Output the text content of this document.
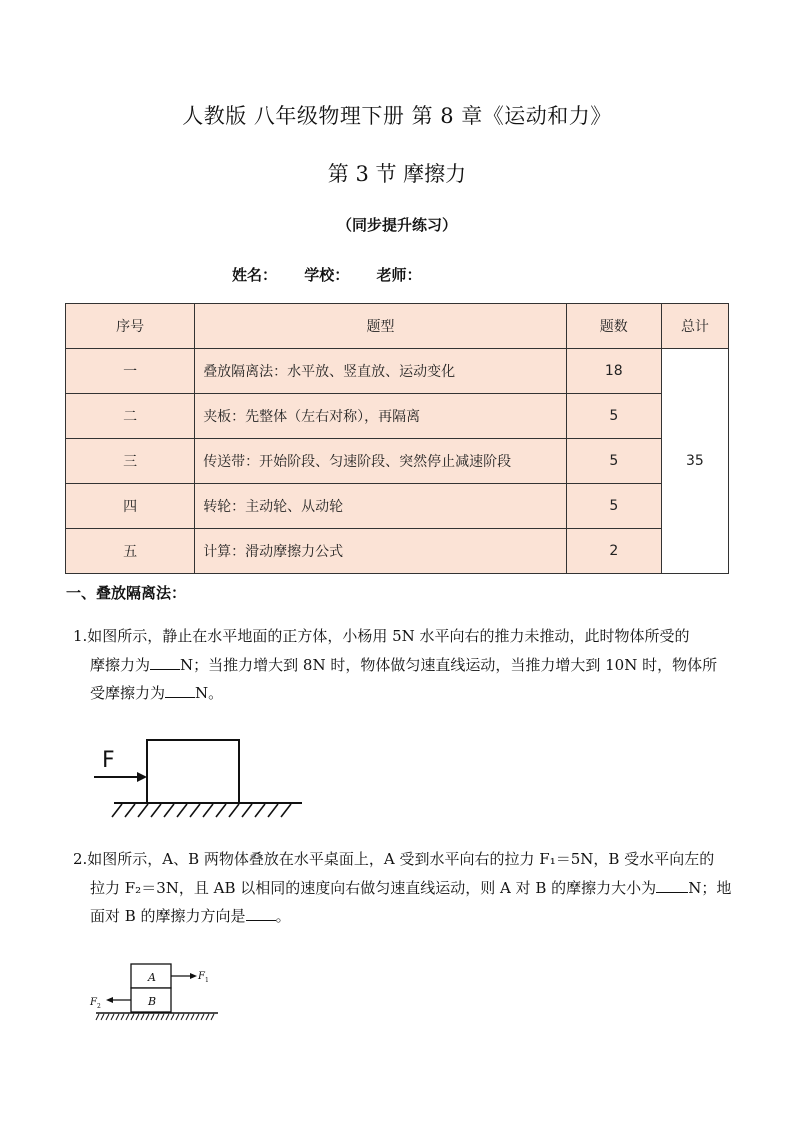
人教版 八年级物理下册 第 8 章《运动和力》
第 3 节 摩擦力
（同步提升练习）
姓名： 学校： 老师：
序号	题型	题数	总计
一	叠放隔离法：水平放、竖直放、运动变化	18	35
二	夹板：先整体（左右对称），再隔离	5	
三	传送带：开始阶段、匀速阶段、突然停止减速阶段	5	
四	转轮：主动轮、从动轮	5	
五	计算：滑动摩擦力公式	2	
一、叠放隔离法：

1.如图所示，静止在水平地面的正方体，小杨用 5N 水平向右的推力未推动，此时物体所受的

摩擦力为 N；当推力增大到 8N 时，物体做匀速直线运动，当推力增大到 10N 时，物体所

受摩擦力为 N。

F

2.如图所示，A、B 两物体叠放在水平桌面上，A 受到水平向右的拉力 F₁＝5N，B 受水平向左的

拉力 F₂＝3N，且 AB 以相同的速度向右做匀速直线运动，则 A 对 B 的摩擦力大小为 N；地

面对 B 的摩擦力方向是 。

A
B
$F_1$
$F_2$
